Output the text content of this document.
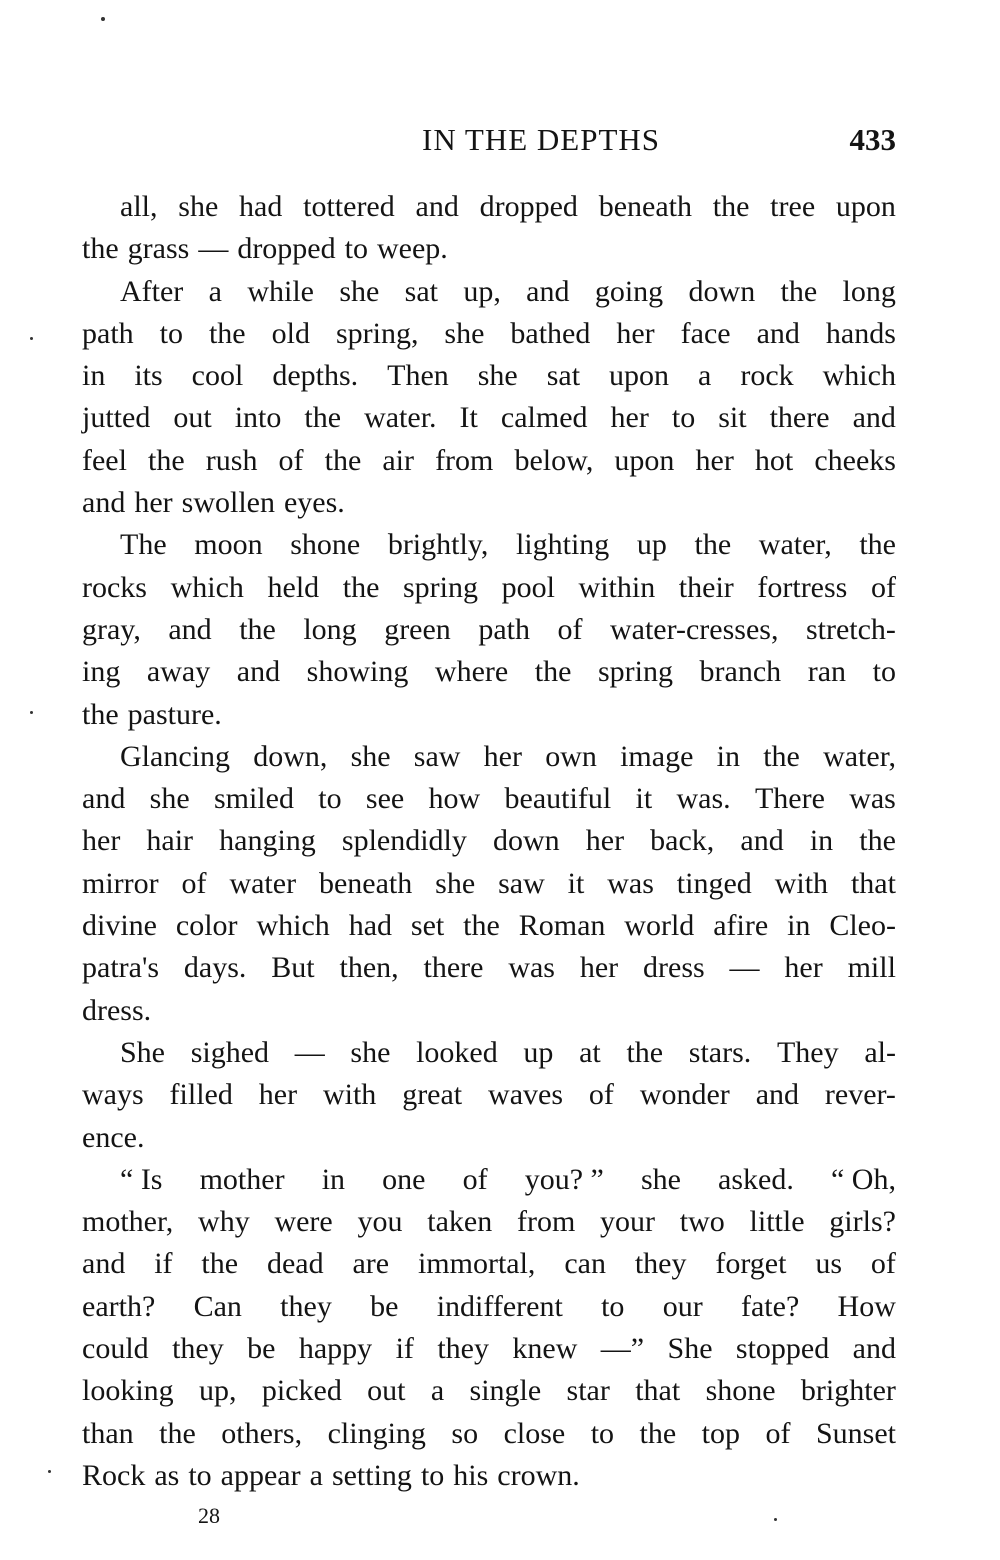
IN THE DEPTHS	433
all, she had tottered and dropped beneath the tree upon
the grass — dropped to weep.
After a while she sat up, and going down the long
path to the old spring, she bathed her face and hands
in its cool depths. Then she sat upon a rock which
jutted out into the water. It calmed her to sit there and
feel the rush of the air from below, upon her hot cheeks
and her swollen eyes.
The moon shone brightly, lighting up the water, the
rocks which held the spring pool within their fortress of
gray, and the long green path of water-cresses, stretch-
ing away and showing where the spring branch ran to
the pasture.
Glancing down, she saw her own image in the water,
and she smiled to see how beautiful it was. There was
her hair hanging splendidly down her back, and in the
mirror of water beneath she saw it was tinged with that
divine color which had set the Roman world afire in Cleo-
patra's days. But then, there was her dress — her mill
dress.
She sighed — she looked up at the stars. They al-
ways filled her with great waves of wonder and rever-
ence.
“ Is mother in one of you? ” she asked. “ Oh,
mother, why were you taken from your two little girls?
and if the dead are immortal, can they forget us of
earth? Can they be indifferent to our fate? How
could they be happy if they knew —” She stopped and
looking up, picked out a single star that shone brighter
than the others, clinging so close to the top of Sunset
Rock as to appear a setting to his crown.
28
